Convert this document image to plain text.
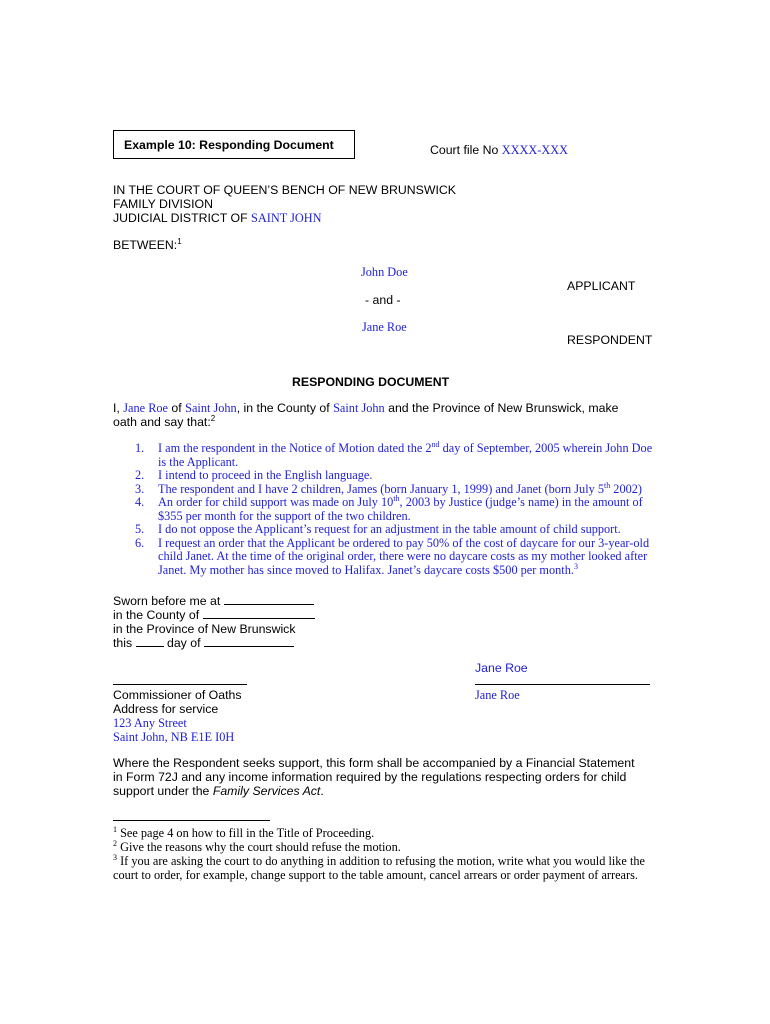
Example 10: Responding Document	Court file No XXXX-XXX
IN THE COURT OF QUEEN’S BENCH OF NEW BRUNSWICK
FAMILY DIVISION
JUDICIAL DISTRICT OF SAINT JOHN
BETWEEN:$^1$
John Doe
APPLICANT
- and -
Jane Roe
RESPONDENT
RESPONDING DOCUMENT
I, Jane Roe of Saint John, in the County of Saint John and the Province of New Brunswick, make
oath and say that:$^2$
1. I am the respondent in the Notice of Motion dated the 2nd day of September, 2005 wherein John Doe is the Applicant.
2. I intend to proceed in the English language.
3. The respondent and I have 2 children, James (born January 1, 1999) and Janet (born July 5th 2002)
4. An order for child support was made on July 10th, 2003 by Justice (judge’s name) in the amount of $355 per month for the support of the two children.
5. I do not oppose the Applicant’s request for an adjustment in the table amount of child support.
6. I request an order that the Applicant be ordered to pay 50% of the cost of daycare for our 3-year-old child Janet. At the time of the original order, there were no daycare costs as my mother looked after Janet. My mother has since moved to Halifax. Janet’s daycare costs $500 per month.$^3$
Sworn before me at
in the County of
in the Province of New Brunswick
this	day of
Jane Roe
Jane Roe
Commissioner of Oaths
Address for service
123 Any Street
Saint John, NB E1E I0H
Where the Respondent seeks support, this form shall be accompanied by a Financial Statement
in Form 72J and any income information required by the regulations respecting orders for child
support under the Family Services Act.
$^1$ See page 4 on how to fill in the Title of Proceeding.
$^2$ Give the reasons why the court should refuse the motion.
$^3$ If you are asking the court to do anything in addition to refusing the motion, write what you would like the court to order, for example, change support to the table amount, cancel arrears or order payment of arrears.
